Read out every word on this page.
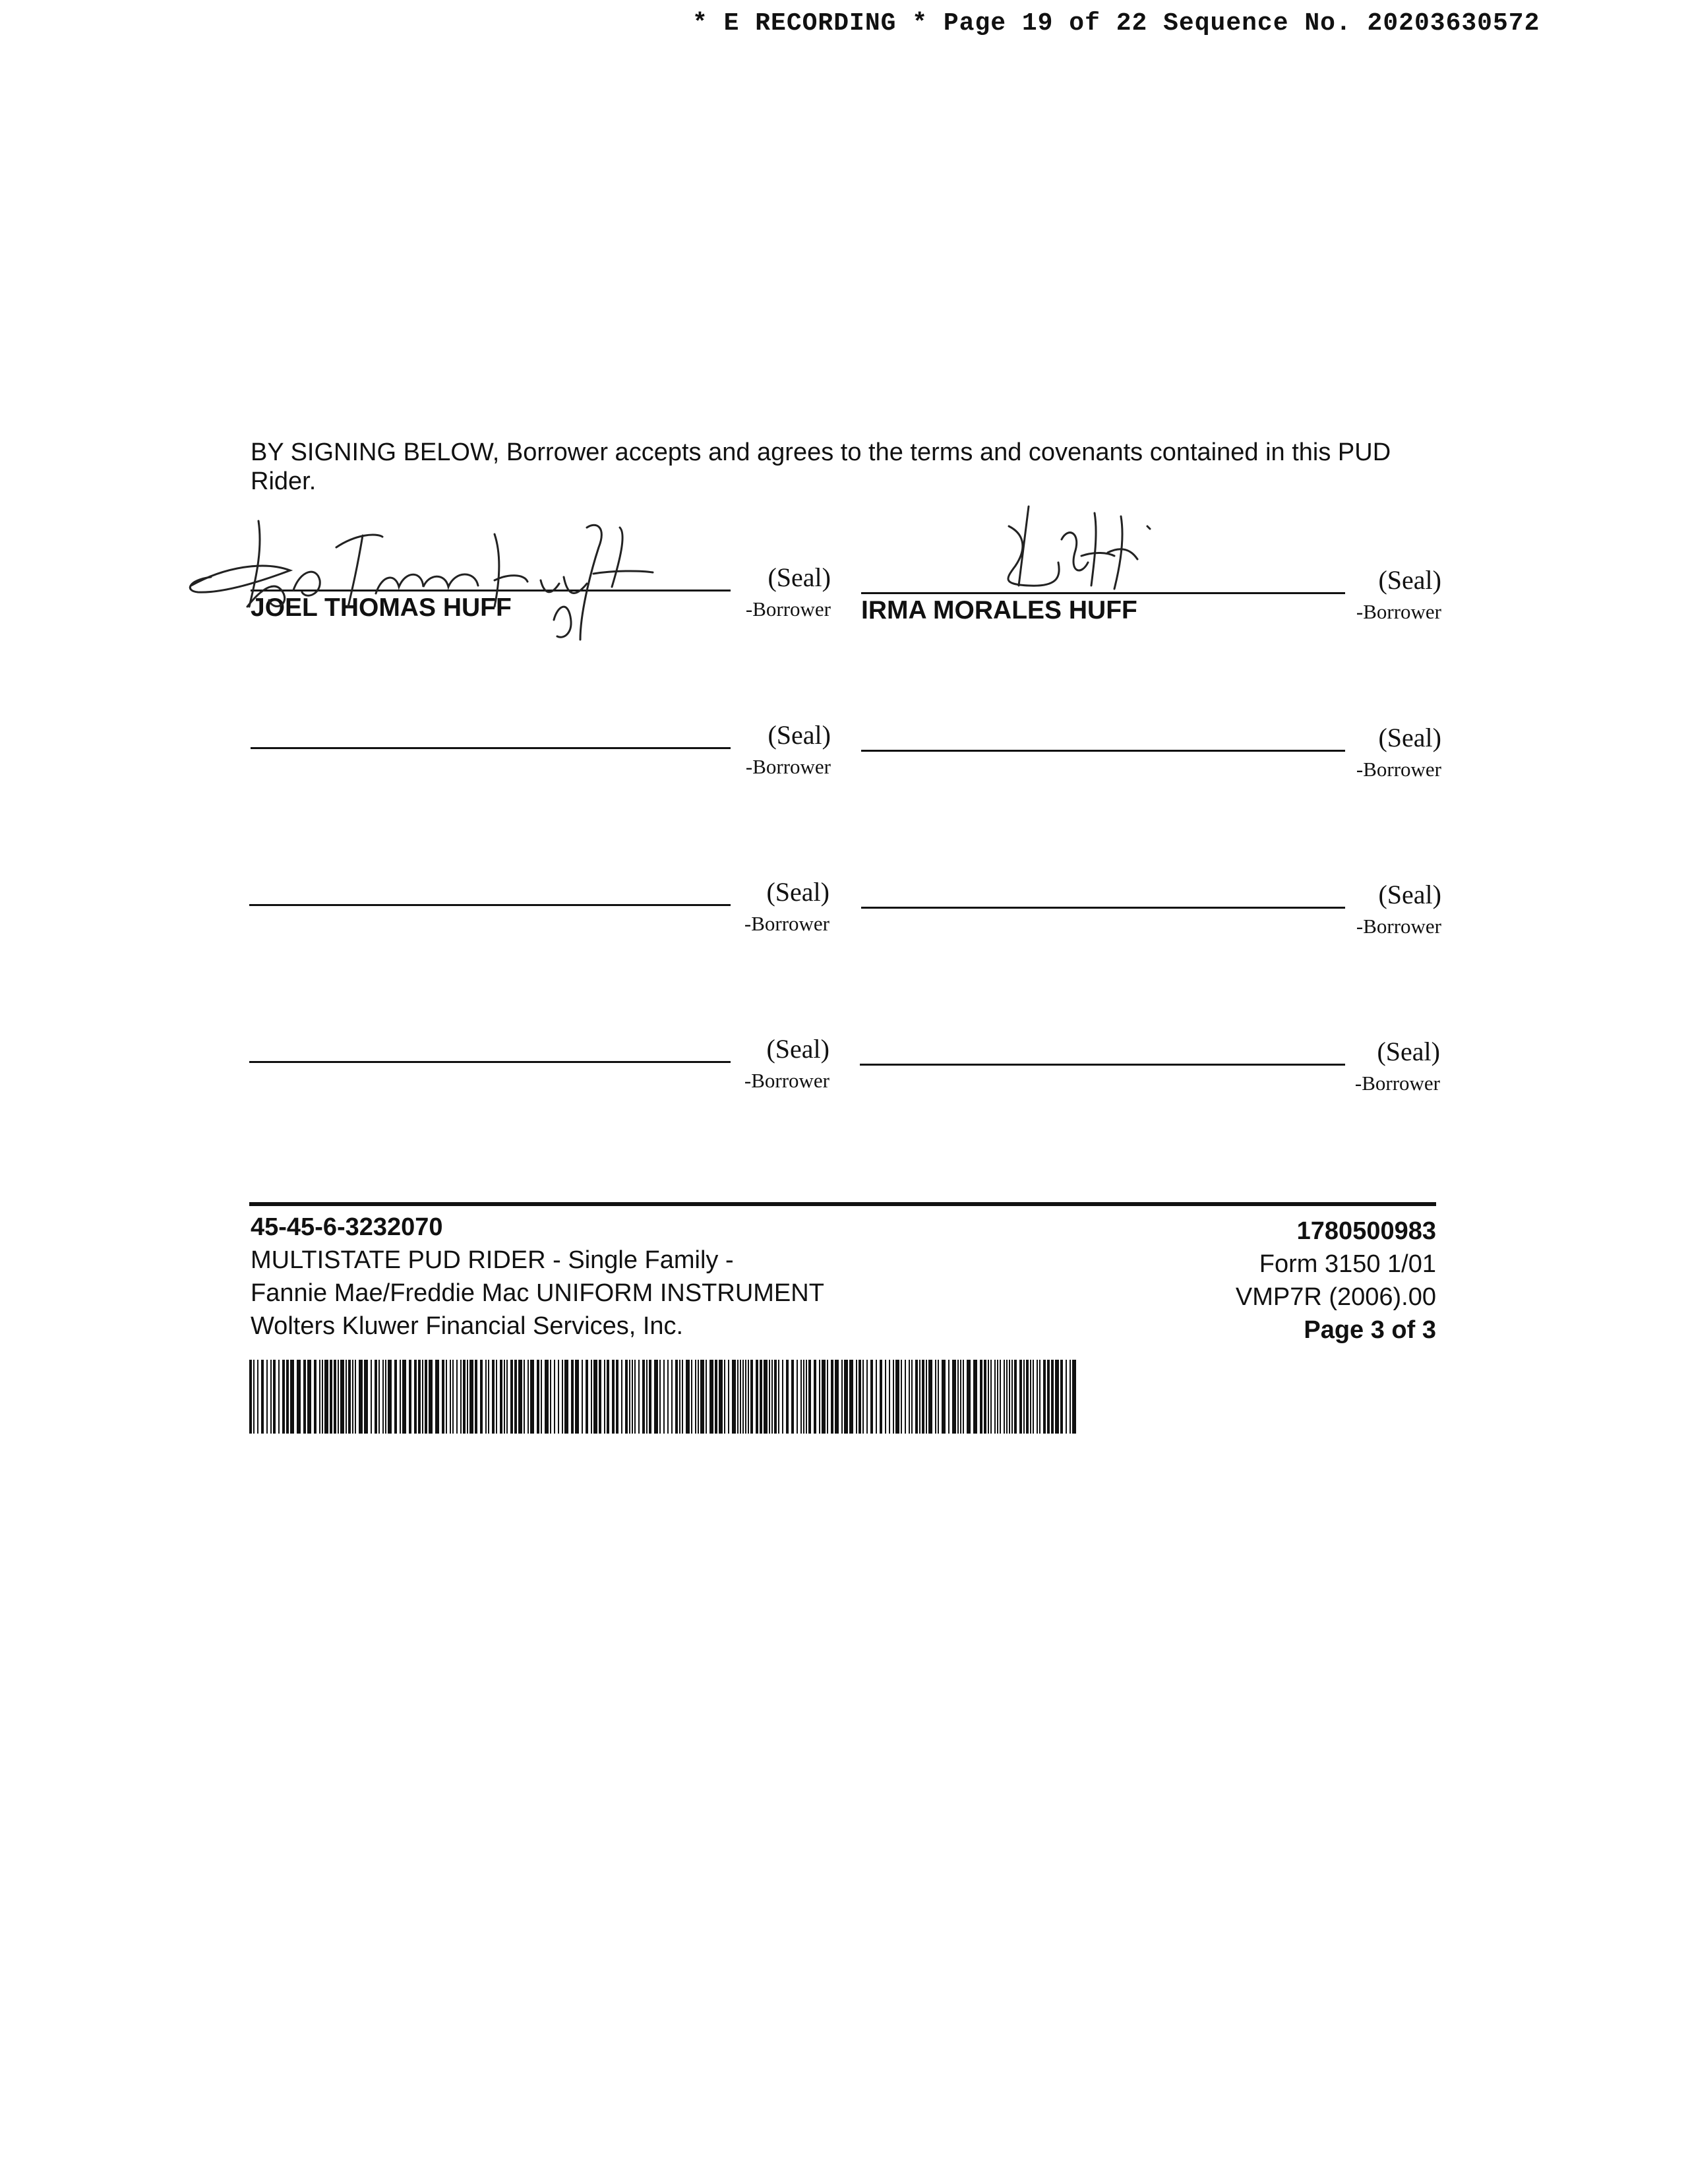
* E RECORDING * Page 19 of 22 Sequence No. 20203630572
BY SIGNING BELOW, Borrower accepts and agrees to the terms and covenants contained in this PUD Rider.
(Seal)
-Borrower
JOEL THOMAS HUFF
(Seal)
-Borrower
IRMA MORALES HUFF
(Seal)
-Borrower
(Seal)
-Borrower
(Seal)
-Borrower
(Seal)
-Borrower
(Seal)
-Borrower
(Seal)
-Borrower
45-45-6-3232070
MULTISTATE PUD RIDER - Single Family -
Fannie Mae/Freddie Mac UNIFORM INSTRUMENT
Wolters Kluwer Financial Services, Inc.
1780500983
Form 3150 1/01
VMP7R (2006).00
Page 3 of 3
